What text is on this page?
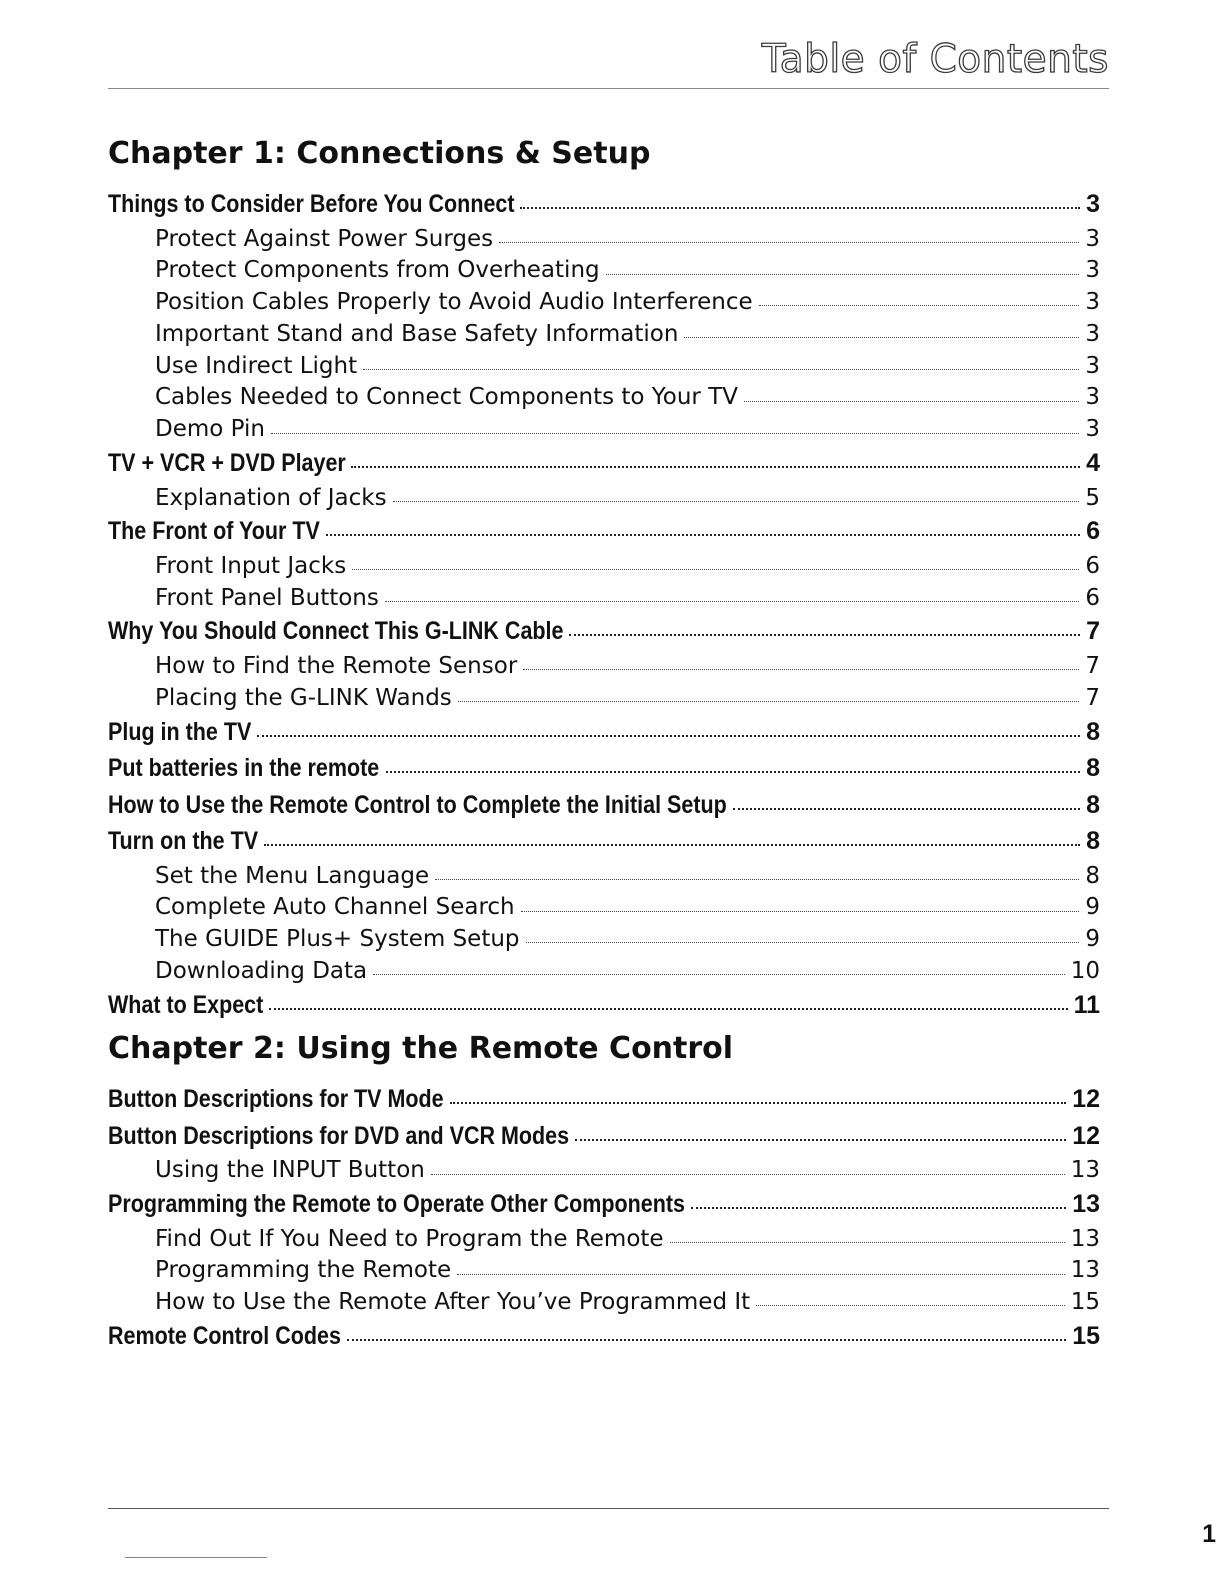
Table of Contents
Chapter 1: Connections & Setup
Things to Consider Before You Connect	3
Protect Against Power Surges	3
Protect Components from Overheating	3
Position Cables Properly to Avoid Audio Interference	3
Important Stand and Base Safety Information	3
Use Indirect Light	3
Cables Needed to Connect Components to Your TV	3
Demo Pin	3
TV + VCR + DVD Player	4
Explanation of Jacks	5
The Front of Your TV	6
Front Input Jacks	6
Front Panel Buttons	6
Why You Should Connect This G-LINK Cable	7
How to Find the Remote Sensor	7
Placing the G-LINK Wands	7
Plug in the TV	8
Put batteries in the remote	8
How to Use the Remote Control to Complete the Initial Setup	8
Turn on the TV	8
Set the Menu Language	8
Complete Auto Channel Search	9
The GUIDE Plus+ System Setup	9
Downloading Data	10
What to Expect	11
Chapter 2: Using the Remote Control
Button Descriptions for TV Mode	12
Button Descriptions for DVD and VCR Modes	12
Using the INPUT Button	13
Programming the Remote to Operate Other Components	13
Find Out If You Need to Program the Remote	13
Programming the Remote	13
How to Use the Remote After You’ve Programmed It	15
Remote Control Codes	15
1
